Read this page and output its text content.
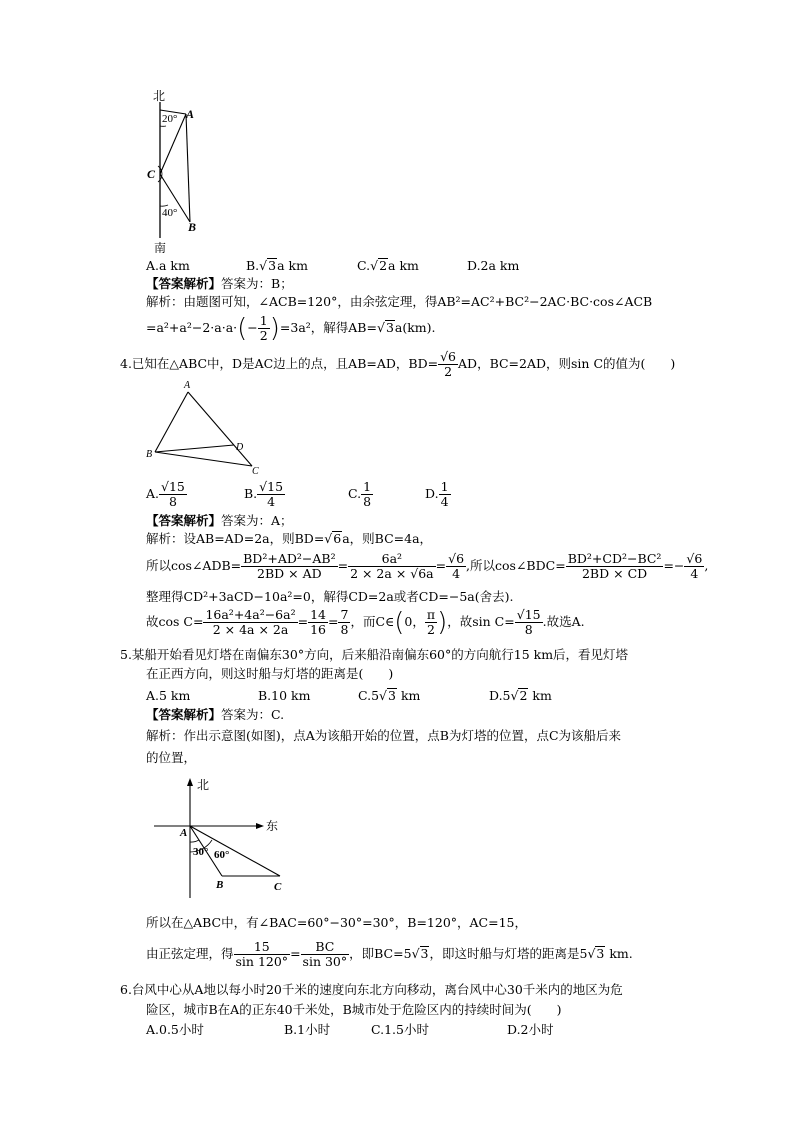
北
20° A
C
40°
B
南
A.a km	B.√3a km	C.√2a km	D.2a km
【答案解析】答案为：B；
解析：由题图可知，∠ACB=120°，由余弦定理，得AB²=AC²+BC²−2AC·BC·cos∠ACB
$=a^2+a^2-2\cdot a\cdot a\cdot(- \frac{1}{2} )=3a^2$，解得AB=√3a(km).
4.已知在△ABC中，D是AC边上的点，且AB=AD，$BD= \frac{√6}{2}$ AD，BC=2AD，则sin C的值为(　　)
A
B
D
C
A. $\frac{√15}{8}$	B. $\frac{√15}{4}$	C. $\frac{1}{8}$	D. $\frac{1}{4}$
【答案解析】答案为：A；
解析：设AB=AD=2a，则BD=√6a，则BC=4a，
所以cos∠ADB= $\frac{\text{BD²+AD²−AB²}}{2BD \times AD} = \frac{\text{6a²}}{2 \times 2a \times √6a} = \frac{√6}{4}$ ,所以cos∠BDC= $\frac{\text{BD²+CD²−BC²}}{2BD \times CD} =- \frac{√6}{4}$ ,
整理得CD²+3aCD−10a²=0，解得CD=2a或者CD=−5a(舍去).
故$\cos C= \frac{\text{16a²+4a²−6a²}}{2 \times 4a \times 2a} = \frac{14}{16} = \frac{7}{8}$ ，而C∈(0， $\frac{\pi}{2}$ )，故$\sin C= \frac{√15}{8}$ .故选A.
5.某船开始看见灯塔在南偏东30°方向，后来船沿南偏东60°的方向航行15 km后，看见灯塔
在正西方向，则这时船与灯塔的距离是(　　)
A.5 km	B.10 km	C.5√3 km	D.5√2 km
【答案解析】答案为：C.
解析：作出示意图(如图)，点A为该船开始的位置，点B为灯塔的位置，点C为该船后来
的位置，
北
东
A
30° 60°
B	C
所以在△ABC中，有∠BAC=60°−30°=30°，B=120°，AC=15，
由正弦定理，得 $\frac{15}{\sin 120^\circ} = \frac{BC}{\sin 30^\circ}$ ，即BC=5√3，即这时船与灯塔的距离是5√3 km.
6.台风中心从A地以每小时20千米的速度向东北方向移动，离台风中心30千米内的地区为危
险区，城市B在A的正东40千米处，B城市处于危险区内的持续时间为(　　)
A.0.5小时	B.1小时	C.1.5小时	D.2小时
